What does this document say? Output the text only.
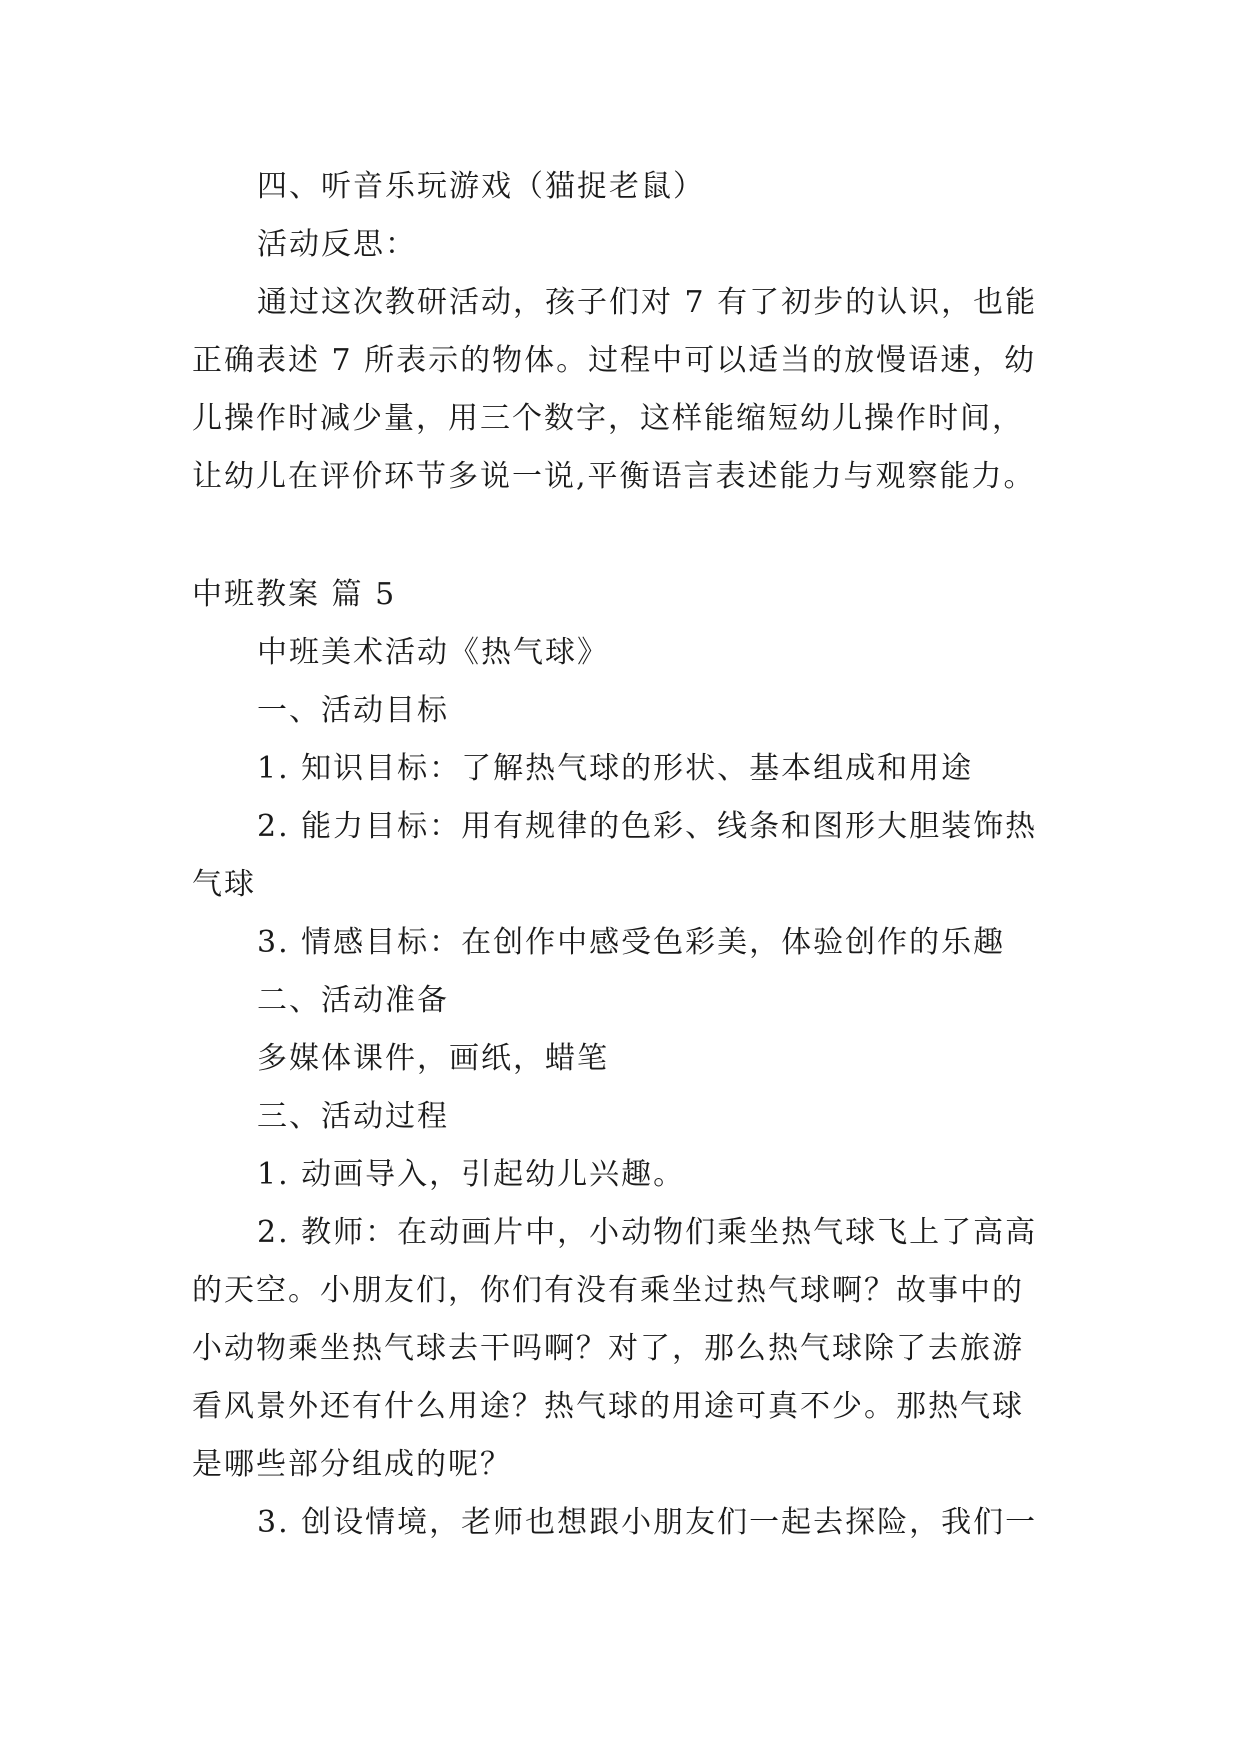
四、听音乐玩游戏（猫捉老鼠）

活动反思：

通过这次教研活动，孩子们对 7 有了初步的认识，也能

正确表述 7 所表示的物体。过程中可以适当的放慢语速，幼

儿操作时减少量，用三个数字，这样能缩短幼儿操作时间，

让幼儿在评价环节多说一说,平衡语言表述能力与观察能力。

中班教案 篇 5

中班美术活动《热气球》

一、活动目标

1. 知识目标：了解热气球的形状、基本组成和用途

2. 能力目标：用有规律的色彩、线条和图形大胆装饰热

气球

3. 情感目标：在创作中感受色彩美，体验创作的乐趣

二、活动准备

多媒体课件，画纸，蜡笔

三、活动过程

1. 动画导入，引起幼儿兴趣。

2. 教师：在动画片中，小动物们乘坐热气球飞上了高高

的天空。小朋友们，你们有没有乘坐过热气球啊？故事中的

小动物乘坐热气球去干吗啊？对了，那么热气球除了去旅游

看风景外还有什么用途？热气球的用途可真不少。那热气球

是哪些部分组成的呢？

3. 创设情境，老师也想跟小朋友们一起去探险，我们一
